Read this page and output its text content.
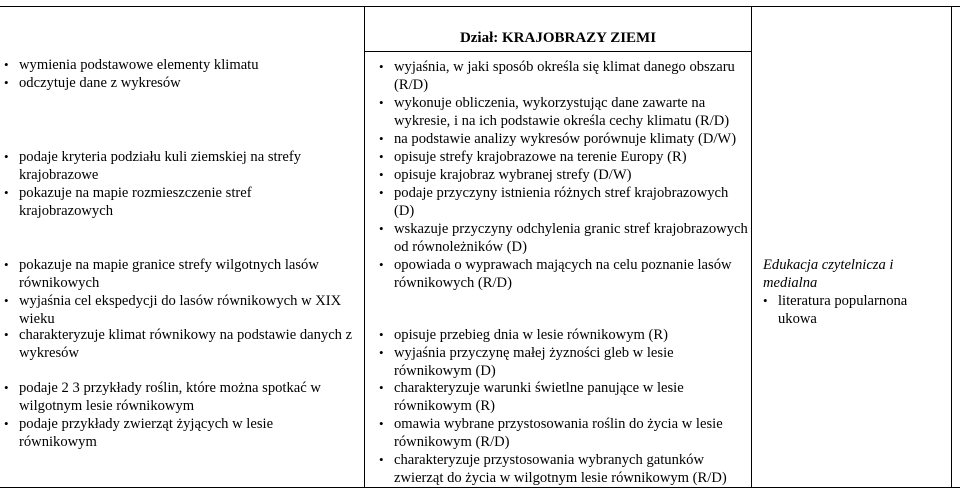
Dział: KRAJOBRAZY ZIEMI
• wyjaśnia, w jaki sposób określa się klimat danego obszaru (R/D)
• wykonuje obliczenia, wykorzystując dane zawarte na wykresie, i na ich podstawie określa cechy klimatu (R/D)
• na podstawie analizy wykresów porównuje klimaty (D/W)
• opisuje strefy krajobrazowe na terenie Europy (R)
• opisuje krajobraz wybranej strefy (D/W)
• podaje przyczyny istnienia różnych stref krajobrazowych (D)
• wskazuje przyczyny odchylenia granic stref krajobrazowych od równoleżników (D)
• opowiada o wyprawach mających na celu poznanie lasów równikowych (R/D)
• opisuje przebieg dnia w lesie równikowym (R)
• wyjaśnia przyczynę małej żyzności gleb w lesie równikowym (D)
• charakteryzuje warunki świetlne panujące w lesie równikowym (R)
• omawia wybrane przystosowania roślin do życia w lesie równikowym (R/D)
• charakteryzuje przystosowania wybranych gatunków zwierząt do życia w wilgotnym lesie równikowym (R/D)
• wymienia podstawowe elementy klimatu
• odczytuje dane z wykresów
• podaje kryteria podziału kuli ziemskiej na strefy krajobrazowe
• pokazuje na mapie rozmieszczenie stref krajobrazowych
• pokazuje na mapie granice strefy wilgotnych lasów równikowych
• wyjaśnia cel ekspedycji do lasów równikowych w XIX wieku
• charakteryzuje klimat równikowy na podstawie danych z wykresów
• podaje 2 3 przykłady roślin, które można spotkać w wilgotnym lesie równikowym
• podaje przykłady zwierząt żyjących w lesie równikowym
Edukacja czytelnicza i medialna
• literatura popularnonaukowa
